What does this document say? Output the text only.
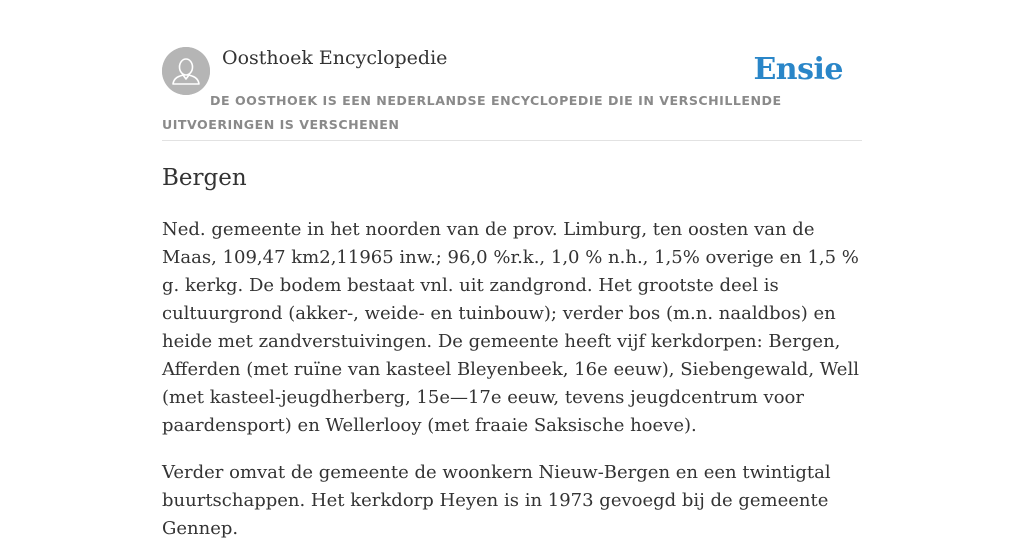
Oosthoek Encyclopedie	Ensie
DE OOSTHOEK IS EEN NEDERLANDSE ENCYCLOPEDIE DIE IN VERSCHILLENDE UITVOERINGEN IS VERSCHENEN
Bergen

Ned. gemeente in het noorden van de prov. Limburg, ten oosten van de Maas, 109,47 km2,11965 inw.; 96,0 %r.k., 1,0 % n.h., 1,5% overige en 1,5 % g. kerkg. De bodem bestaat vnl. uit zandgrond. Het grootste deel is cultuurgrond (akker-, weide- en tuinbouw); verder bos (m.n. naaldbos) en heide met zandverstuivingen. De gemeente heeft vijf kerkdorpen: Bergen, Afferden (met ruïne van kasteel Bleyenbeek, 16e eeuw), Siebengewald, Well (met kasteel-jeugdherberg, 15e—17e eeuw, tevens jeugdcentrum voor paardensport) en Wellerlooy (met fraaie Saksische hoeve).

Verder omvat de gemeente de woonkern Nieuw-Bergen en een twintigtal buurtschappen. Het kerkdorp Heyen is in 1973 gevoegd bij de gemeente Gennep.
